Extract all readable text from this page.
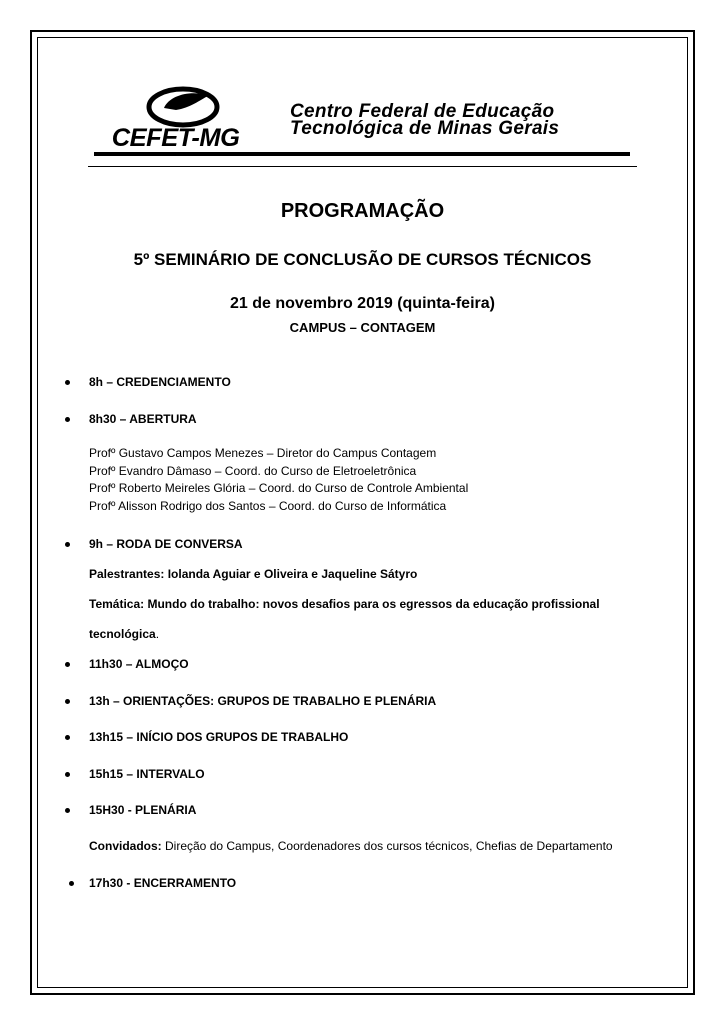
CEFET-MG
Centro Federal de Educação
Tecnológica de Minas Gerais
PROGRAMAÇÃO
5º SEMINÁRIO DE CONCLUSÃO DE CURSOS TÉCNICOS
21 de novembro 2019 (quinta-feira)
CAMPUS – CONTAGEM
8h – CREDENCIAMENTO
8h30 – ABERTURA
Profº Gustavo Campos Menezes – Diretor do Campus Contagem
Profº Evandro Dâmaso – Coord. do Curso de Eletroeletrônica
Profº Roberto Meireles Glória – Coord. do Curso de Controle Ambiental
Profº Alisson Rodrigo dos Santos – Coord. do Curso de Informática
9h – RODA DE CONVERSA
Palestrantes: Iolanda Aguiar e Oliveira e Jaqueline Sátyro
Temática: Mundo do trabalho: novos desafios para os egressos da educação profissional
tecnológica.
11h30 – ALMOÇO
13h – ORIENTAÇÕES: GRUPOS DE TRABALHO E PLENÁRIA
13h15 – INÍCIO DOS GRUPOS DE TRABALHO
15h15 – INTERVALO
15H30 - PLENÁRIA
Convidados: Direção do Campus, Coordenadores dos cursos técnicos, Chefias de Departamento
17h30 - ENCERRAMENTO
